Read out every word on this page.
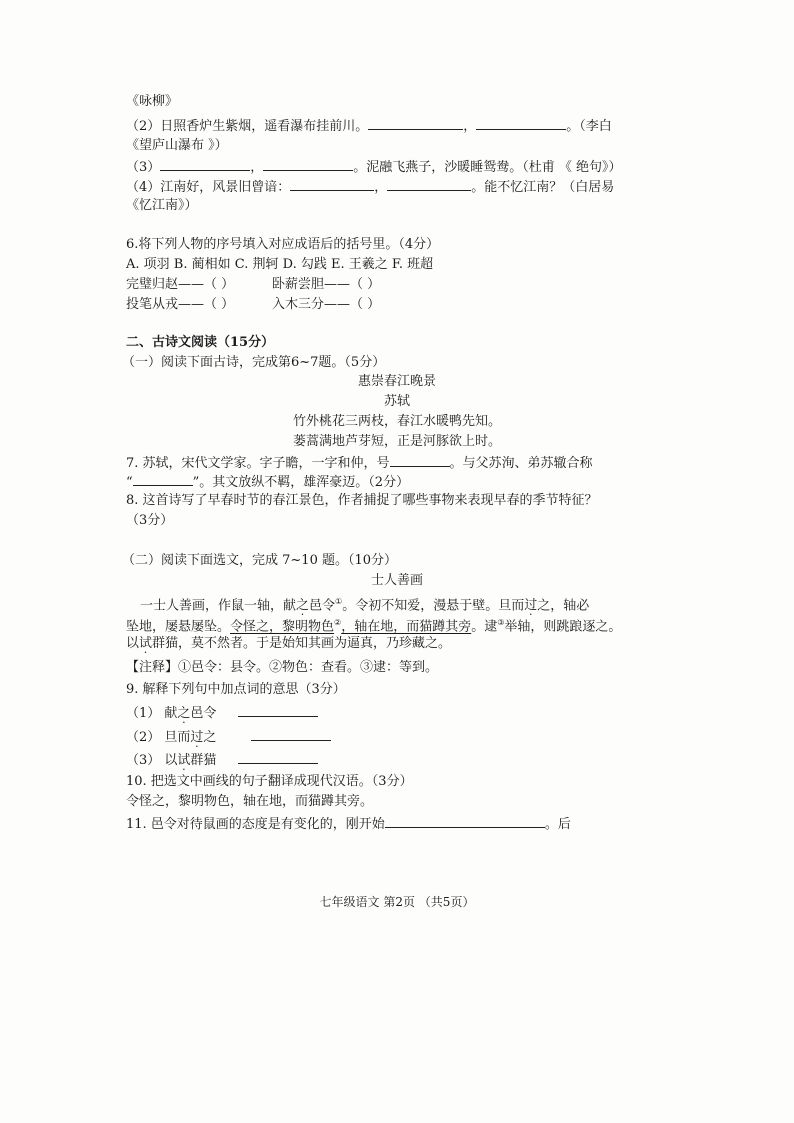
《咏柳》
（2）日照香炉生紫烟，遥看瀑布挂前川。	，	。（李白
《望庐山瀑布 》）
（3）	，	。泥融飞燕子，沙暖睡鸳鸯。（杜甫 《 绝句》）
（4）江南好，风景旧曾谙：	，	。能不忆江南？（白居易
《忆江南》）
6.将下列人物的序号填入对应成语后的括号里。（4分）
A. 项羽 B. 蔺相如 C. 荆轲 D. 勾践 E. 王羲之 F. 班超
完璧归赵——（ ）	卧薪尝胆——（ ）
投笔从戎——（ ）	入木三分——（ ）
二、古诗文阅读（15分）
（一）阅读下面古诗，完成第6~7题。（5分）
惠崇春江晚景
苏轼
竹外桃花三两枝，春江水暖鸭先知。
蒌蒿满地芦芽短，正是河豚欲上时。
7. 苏轼，宋代文学家。字子瞻，一字和仲，号	。与父苏洵、弟苏辙合称
“	”。其文放纵不羁，雄浑豪迈。（2分）
8. 这首诗写了早春时节的春江景色，作者捕捉了哪些事物来表现早春的季节特征？
（3分）
（二）阅读下面选文，完成 7~10 题。（10分）
士人善画
一士人善画，作鼠一轴，献之邑令①。令初不知爱，漫悬于壁。旦而过之，轴必
坠地，屡悬屡坠。令怪之，黎明物色②，轴在地，而猫蹲其旁。逮③举轴，则跳踉逐之。
以试群猫，莫不然者。于是始知其画为逼真，乃珍藏之。
【注释】①邑令：县令。②物色：查看。③逮：等到。
9. 解释下列句中加点词的意思（3分）
（1） 献之邑令
（2） 旦而过之
（3） 以试群猫
10. 把选文中画线的句子翻译成现代汉语。（3分）
令怪之，黎明物色，轴在地，而猫蹲其旁。
11. 邑令对待鼠画的态度是有变化的，刚开始	。后
七年级语文 第2页 （共5页）
